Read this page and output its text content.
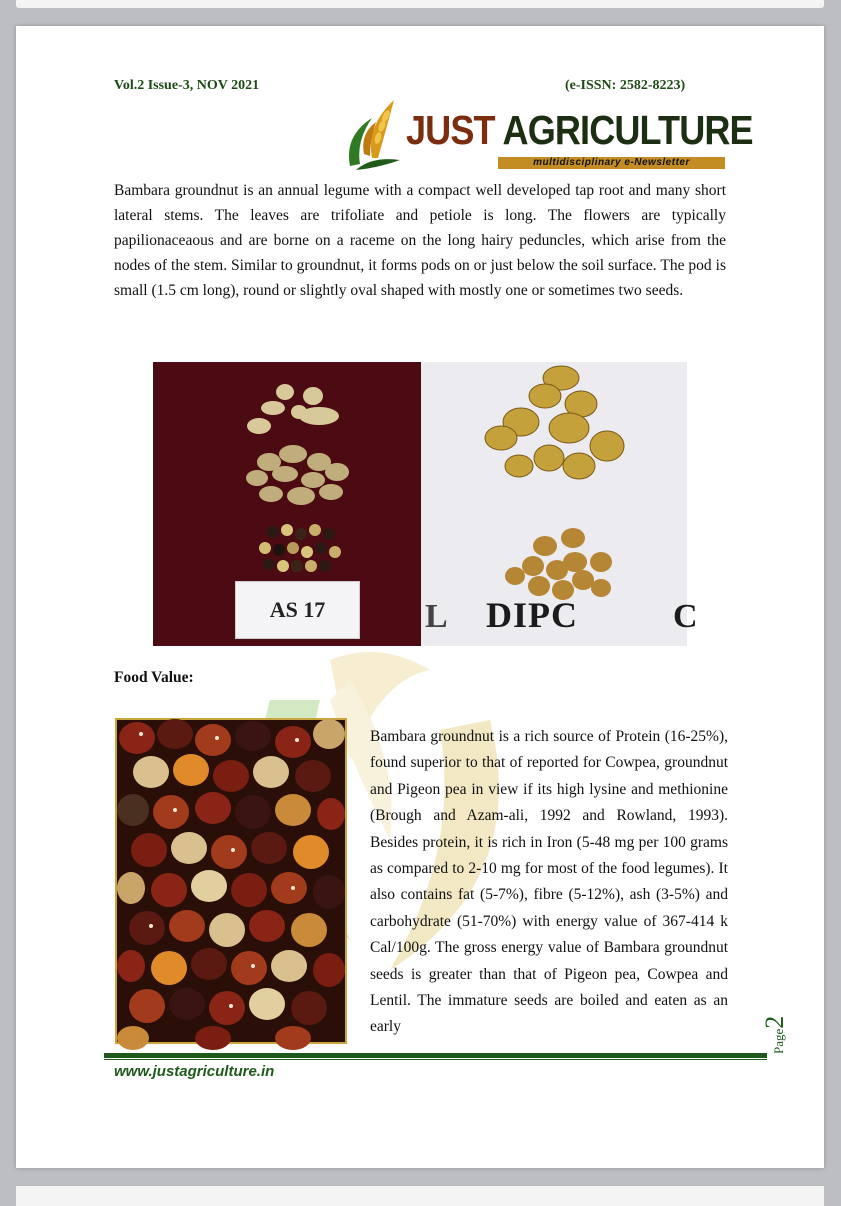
Vol.2 Issue-3, NOV 2021	(e-ISSN: 2582-8223)
JUST AGRICULTURE
multidisciplinary e-Newsletter

Bambara groundnut is an annual legume with a compact well developed tap root and many short lateral stems. The leaves are trifoliate and petiole is long. The flowers are typically papilionaceaous and are borne on a raceme on the long hairy peduncles, which arise from the nodes of the stem. Similar to groundnut, it forms pods on or just below the soil surface. The pod is small (1.5 cm long), round or slightly oval shaped with mostly one or sometimes two seeds.

AS 17	L DIPC	C
Food Value:

Bambara groundnut is a rich source of Protein (16-25%), found superior to that of reported for Cowpea, groundnut and Pigeon pea in view if its high lysine and methionine (Brough and Azam-ali, 1992 and Rowland, 1993). Besides protein, it is rich in Iron (5-48 mg per 100 grams as compared to 2-10 mg for most of the food legumes). It also contains fat (5-7%), fibre (5-12%), ash (3-5%) and carbohydrate (51-70%) with energy value of 367-414 k Cal/100g. The gross energy value of Bambara groundnut seeds is greater than that of Pigeon pea, Cowpea and Lentil. The immature seeds are boiled and eaten as an early

www.justagriculture.in
Page2
